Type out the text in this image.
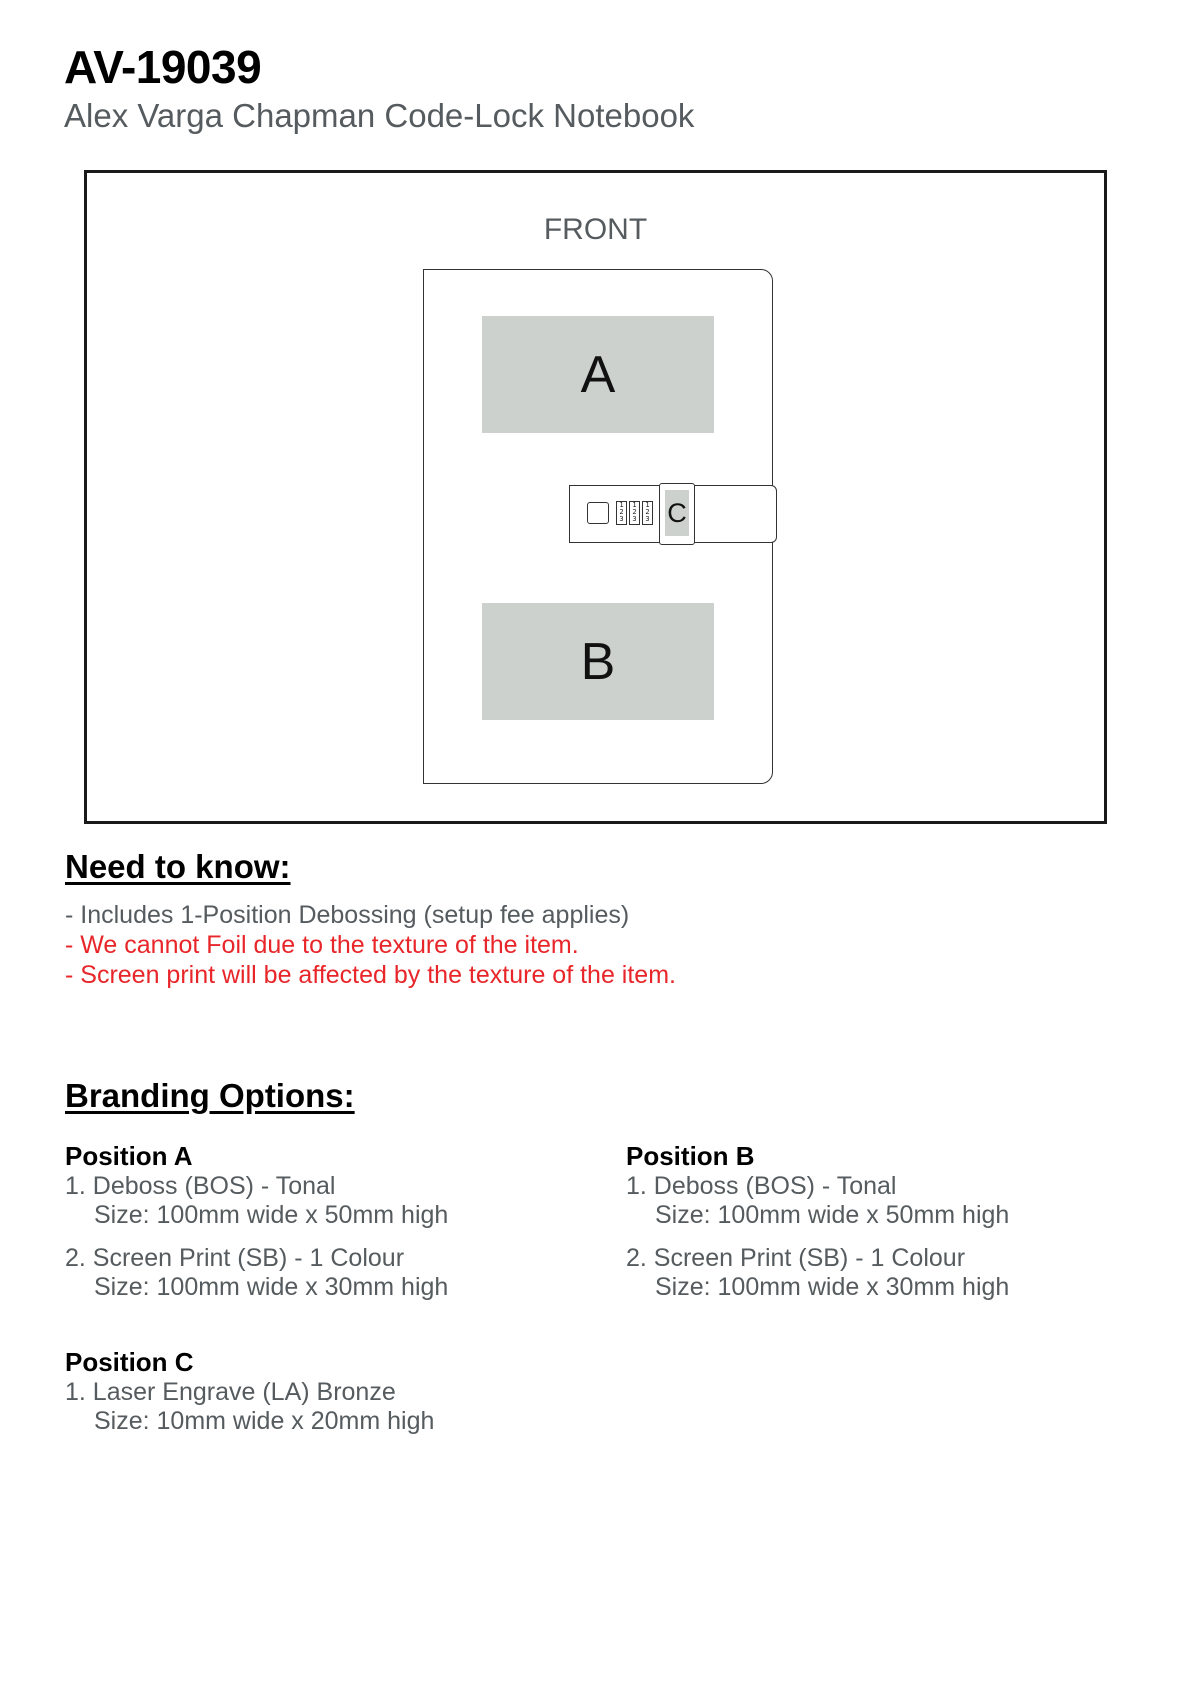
AV-19039
Alex Varga Chapman Code-Lock Notebook
FRONT
A
B
1
2
3
1
2
3
1
2
3 C
Need to know:
- Includes 1-Position Debossing (setup fee applies)
- We cannot Foil due to the texture of the item.
- Screen print will be affected by the texture of the item.
Branding Options:
Position A
1. Deboss (BOS) - Tonal
Size: 100mm wide x 50mm high
2. Screen Print (SB) - 1 Colour
Size: 100mm wide x 30mm high
Position B
1. Deboss (BOS) - Tonal
Size: 100mm wide x 50mm high
2. Screen Print (SB) - 1 Colour
Size: 100mm wide x 30mm high
Position C
1. Laser Engrave (LA) Bronze
Size: 10mm wide x 20mm high
